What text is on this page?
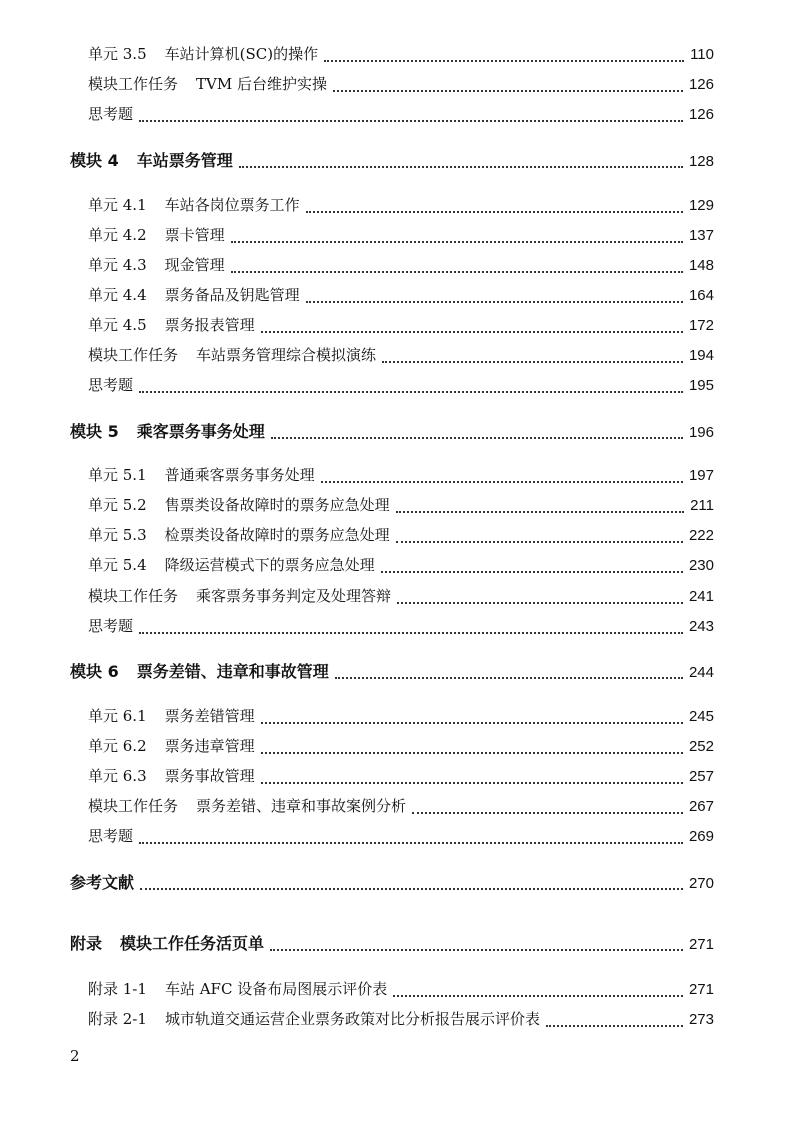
单元 3.5 车站计算机(SC)的操作	110
模块工作任务 TVM 后台维护实操	126
思考题	126
模块 4 车站票务管理	128
单元 4.1 车站各岗位票务工作	129
单元 4.2 票卡管理	137
单元 4.3 现金管理	148
单元 4.4 票务备品及钥匙管理	164
单元 4.5 票务报表管理	172
模块工作任务 车站票务管理综合模拟演练	194
思考题	195
模块 5 乘客票务事务处理	196
单元 5.1 普通乘客票务事务处理	197
单元 5.2 售票类设备故障时的票务应急处理	211
单元 5.3 检票类设备故障时的票务应急处理	222
单元 5.4 降级运营模式下的票务应急处理	230
模块工作任务 乘客票务事务判定及处理答辩	241
思考题	243
模块 6 票务差错、违章和事故管理	244
单元 6.1 票务差错管理	245
单元 6.2 票务违章管理	252
单元 6.3 票务事故管理	257
模块工作任务 票务差错、违章和事故案例分析	267
思考题	269
参考文献	270
附录 模块工作任务活页单	271
附录 1-1 车站 AFC 设备布局图展示评价表	271
附录 2-1 城市轨道交通运营企业票务政策对比分析报告展示评价表	273
2
